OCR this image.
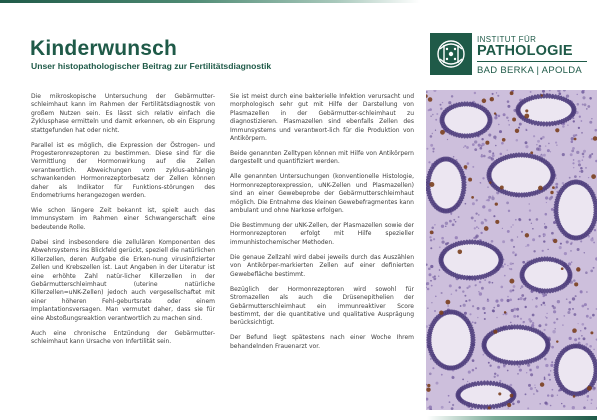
Kinderwunsch
Unser histopathologischer Beitrag zur Fertilitätsdiagnostik

Die mikroskopische Untersuchung der Gebärmutter-schleimhaut kann im Rahmen der Fertilitätsdiagnostik von großem Nutzen sein. Es lässt sich relativ einfach die Zyklusphase ermitteln und damit erkennen, ob ein Eisprung stattgefunden hat oder nicht.

Parallel ist es möglich, die Expression der Östrogen- und Progesteronrezeptoren zu bestimmen. Diese sind für die Vermittlung der Hormonwirkung auf die Zellen verantwortlich. Abweichungen vom zyklus-abhängig schwankenden Hormonrezeptorbesatz der Zellen können daher als Indikator für Funktions-störungen des Endometriums herangezogen werden.

Wie schon längere Zeit bekannt ist, spielt auch das Immunsystem im Rahmen einer Schwangerschaft eine bedeutende Rolle.

Dabei sind insbesondere die zellulären Komponenten des Abwehrsystems ins Blickfeld gerückt, speziell die natürlichen Killerzellen, deren Aufgabe die Erken-nung virusinfizierter Zellen und Krebszellen ist. Laut Angaben in der Literatur ist eine erhöhte Zahl natür-licher Killerzellen in der Gebärmutterschleimhaut (uterine natürliche Killerzellen=uNK-Zellen) jedoch auch vergesellschaftet mit einer höheren Fehl-geburtsrate oder einem Implantationsversagen. Man vermutet daher, dass sie für eine Abstoßungsreaktion verantwortlich zu machen sind.

Auch eine chronische Entzündung der Gebärmutter-schleimhaut kann Ursache von Infertilität sein.

Sie ist meist durch eine bakterielle Infektion verursacht und morphologisch sehr gut mit Hilfe der Darstellung von Plasmazellen in der Gebärmutter-schleimhaut zu diagnostizieren. Plasmazellen sind ebenfalls Zellen des Immunsystems und verantwort-lich für die Produktion von Antikörpern.

Beide genannten Zelltypen können mit Hilfe von Antikörpern dargestellt und quantifiziert werden.

Alle genannten Untersuchungen (konventionelle Histologie, Hormonrezeptorexpression, uNK-Zellen und Plasmazellen) sind an einer Gewebeprobe der Gebärmutterschleimhaut möglich. Die Entnahme des kleinen Gewebefragmentes kann ambulant und ohne Narkose erfolgen.

Die Bestimmung der uNK-Zellen, der Plasmazellen sowie der Hormonrezeptoren erfolgt mit Hilfe spezieller immunhistochemischer Methoden.

Die genaue Zellzahl wird dabei jeweils durch das Auszählen von Antikörper-markierten Zellen auf einer definierten Gewebefläche bestimmt.

Bezüglich der Hormonrezeptoren wird sowohl für Stromazellen als auch die Drüsenepithelien der Gebärmutterschleimhaut ein immunreaktiver Score bestimmt, der die quantitative und qualitative Ausprägung berücksichtigt.

Der Befund liegt spätestens nach einer Woche Ihrem behandelnden Frauenarzt vor.

INSTITUT FÜR
PATHOLOGIE
BAD BERKA | APOLDA
